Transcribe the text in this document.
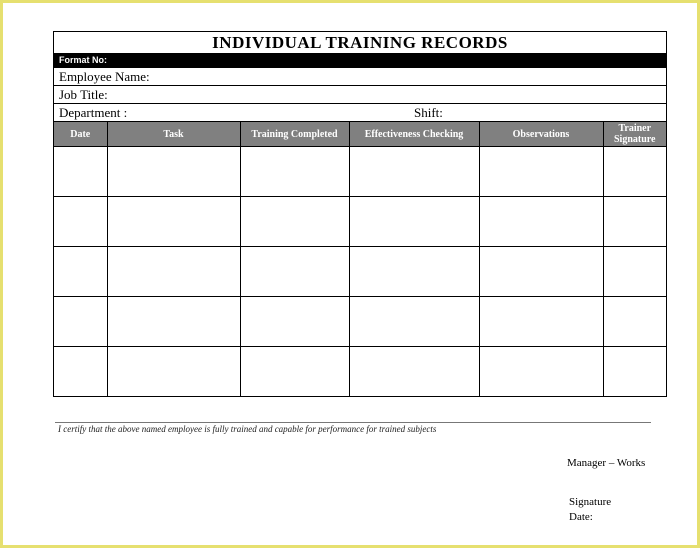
INDIVIDUAL TRAINING RECORDS
Format No:
Employee Name:
Job Title:
Department :	Shift:
Date	Task	Training Completed	Effectiveness Checking	Observations	Trainer Signature

I certify that the above named employee is fully trained and capable for performance for trained subjects
Manager – Works
Signature
Date:
